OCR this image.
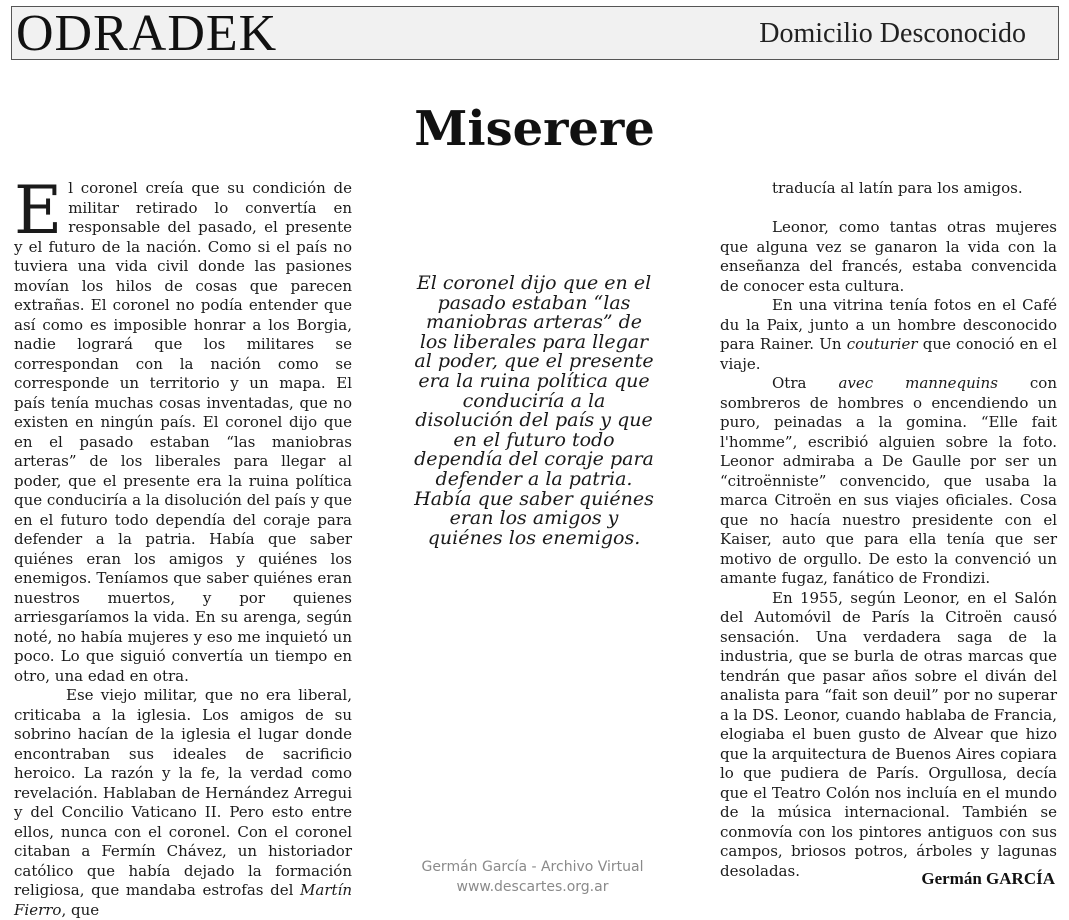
ODRADEK	Domicilio Desconocido
Miserere

El coronel creía que su condición de militar retirado lo convertía en responsable del pasado, el presente y el futuro de la nación. Como si el país no tuviera una vida civil donde las pasiones movían los hilos de cosas que parecen extrañas. El coronel no podía entender que así como es imposible honrar a los Borgia, nadie logrará que los militares se correspondan con la nación como se corresponde un territorio y un mapa. El país tenía muchas cosas inventadas, que no existen en ningún país. El coronel dijo que en el pasado estaban “las maniobras arteras” de los liberales para llegar al poder, que el presente era la ruina política que conduciría a la disolución del país y que en el futuro todo dependía del coraje para defender a la patria. Había que saber quiénes eran los amigos y quiénes los enemigos. Teníamos que saber quiénes eran nuestros muertos, y por quienes arriesgaríamos la vida. En su arenga, según noté, no había mujeres y eso me inquietó un poco. Lo que siguió convertía un tiempo en otro, una edad en otra.

Ese viejo militar, que no era liberal, criticaba a la iglesia. Los amigos de su sobrino hacían de la iglesia el lugar donde encontraban sus ideales de sacrificio heroico. La razón y la fe, la verdad como revelación. Hablaban de Hernández Arregui y del Concilio Vaticano II. Pero esto entre ellos, nunca con el coronel. Con el coronel citaban a Fermín Chávez, un historiador católico que había dejado la formación religiosa, que mandaba estrofas del Martín Fierro, que

El coronel dijo que en el pasado estaban “las maniobras arteras” de los liberales para llegar al poder, que el presente era la ruina política que conduciría a la disolución del país y que en el futuro todo dependía del coraje para defender a la patria. Había que saber quiénes eran los amigos y quiénes los enemigos.

traducía al latín para los amigos.

Leonor, como tantas otras mujeres que alguna vez se ganaron la vida con la enseñanza del francés, estaba convencida de conocer esta cultura.

En una vitrina tenía fotos en el Café du la Paix, junto a un hombre desconocido para Rainer. Un couturier que conoció en el viaje.

Otra avec mannequins con sombreros de hombres o encendiendo un puro, peinadas a la gomina. “Elle fait l'homme”, escribió alguien sobre la foto. Leonor admiraba a De Gaulle por ser un “citroënniste” convencido, que usaba la marca Citroën en sus viajes oficiales. Cosa que no hacía nuestro presidente con el Kaiser, auto que para ella tenía que ser motivo de orgullo. De esto la convenció un amante fugaz, fanático de Frondizi.

En 1955, según Leonor, en el Salón del Automóvil de París la Citroën causó sensación. Una verdadera saga de la industria, que se burla de otras marcas que tendrán que pasar años sobre el diván del analista para “fait son deuil” por no superar a la DS. Leonor, cuando hablaba de Francia, elogiaba el buen gusto de Alvear que hizo que la arquitectura de Buenos Aires copiara lo que pudiera de París. Orgullosa, decía que el Teatro Colón nos incluía en el mundo de la música internacional. También se conmovía con los pintores antiguos con sus campos, briosos potros, árboles y lagunas desoladas.

Germán García - Archivo Virtual
www.descartes.org.ar	Germán GARCÍA
